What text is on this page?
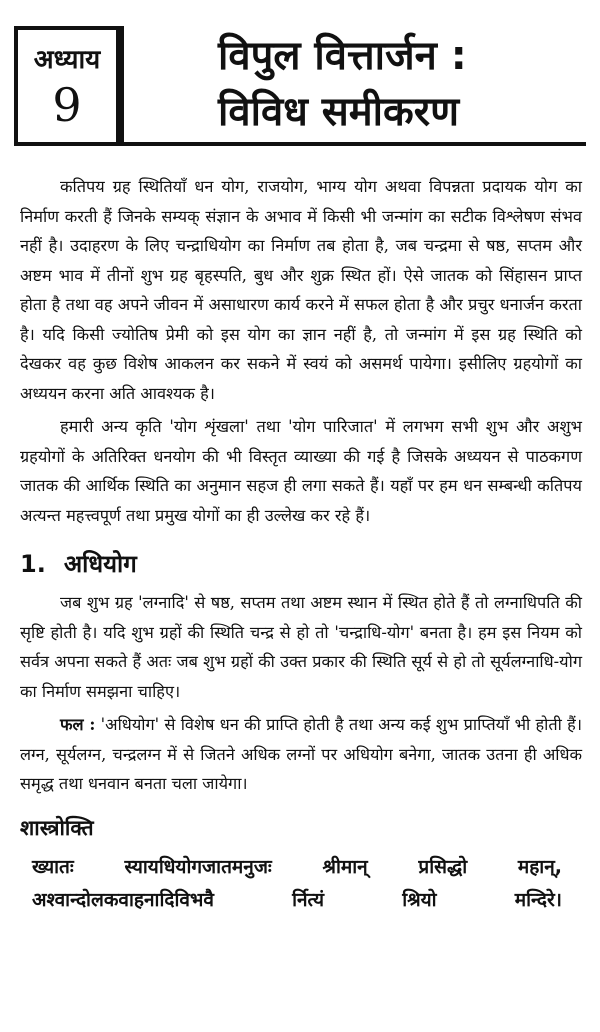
अध्याय
9
विपुल वित्तार्जन :
विविध समीकरण

कतिपय ग्रह स्थितियाँ धन योग, राजयोग, भाग्य योग अथवा विपन्नता प्रदायक योग का निर्माण करती हैं जिनके सम्यक् संज्ञान के अभाव में किसी भी जन्मांग का सटीक विश्लेषण संभव नहीं है। उदाहरण के लिए चन्द्राधियोग का निर्माण तब होता है, जब चन्द्रमा से षष्ठ, सप्तम और अष्टम भाव में तीनों शुभ ग्रह बृहस्पति, बुध और शुक्र स्थित हों। ऐसे जातक को सिंहासन प्राप्त होता है तथा वह अपने जीवन में असाधारण कार्य करने में सफल होता है और प्रचुर धनार्जन करता है। यदि किसी ज्योतिष प्रेमी को इस योग का ज्ञान नहीं है, तो जन्मांग में इस ग्रह स्थिति को देखकर वह कुछ विशेष आकलन कर सकने में स्वयं को असमर्थ पायेगा। इसीलिए ग्रहयोगों का अध्ययन करना अति आवश्यक है।

हमारी अन्य कृति 'योग शृंखला' तथा 'योग पारिजात' में लगभग सभी शुभ और अशुभ ग्रहयोगों के अतिरिक्त धनयोग की भी विस्तृत व्याख्या की गई है जिसके अध्ययन से पाठकगण जातक की आर्थिक स्थिति का अनुमान सहज ही लगा सकते हैं। यहाँ पर हम धन सम्बन्धी कतिपय अत्यन्त महत्त्वपूर्ण तथा प्रमुख योगों का ही उल्लेख कर रहे हैं।

1. अधियोग

जब शुभ ग्रह 'लग्नादि' से षष्ठ, सप्तम तथा अष्टम स्थान में स्थित होते हैं तो लग्नाधिपति की सृष्टि होती है। यदि शुभ ग्रहों की स्थिति चन्द्र से हो तो 'चन्द्राधि-योग' बनता है। हम इस नियम को सर्वत्र अपना सकते हैं अतः जब शुभ ग्रहों की उक्त प्रकार की स्थिति सूर्य से हो तो सूर्यलग्नाधि-योग का निर्माण समझना चाहिए।

फल : 'अधियोग' से विशेष धन की प्राप्ति होती है तथा अन्य कई शुभ प्राप्तियाँ भी होती हैं। लग्न, सूर्यलग्न, चन्द्रलग्न में से जितने अधिक लग्नों पर अधियोग बनेगा, जातक उतना ही अधिक समृद्ध तथा धनवान बनता चला जायेगा।

शास्त्रोक्ति
ख्यातः स्यायधियोगजातमनुजः श्रीमान् प्रसिद्धो महान्,
अश्वान्दोलकवाहनादिविभवै र्नित्यं श्रियो मन्दिरे।
